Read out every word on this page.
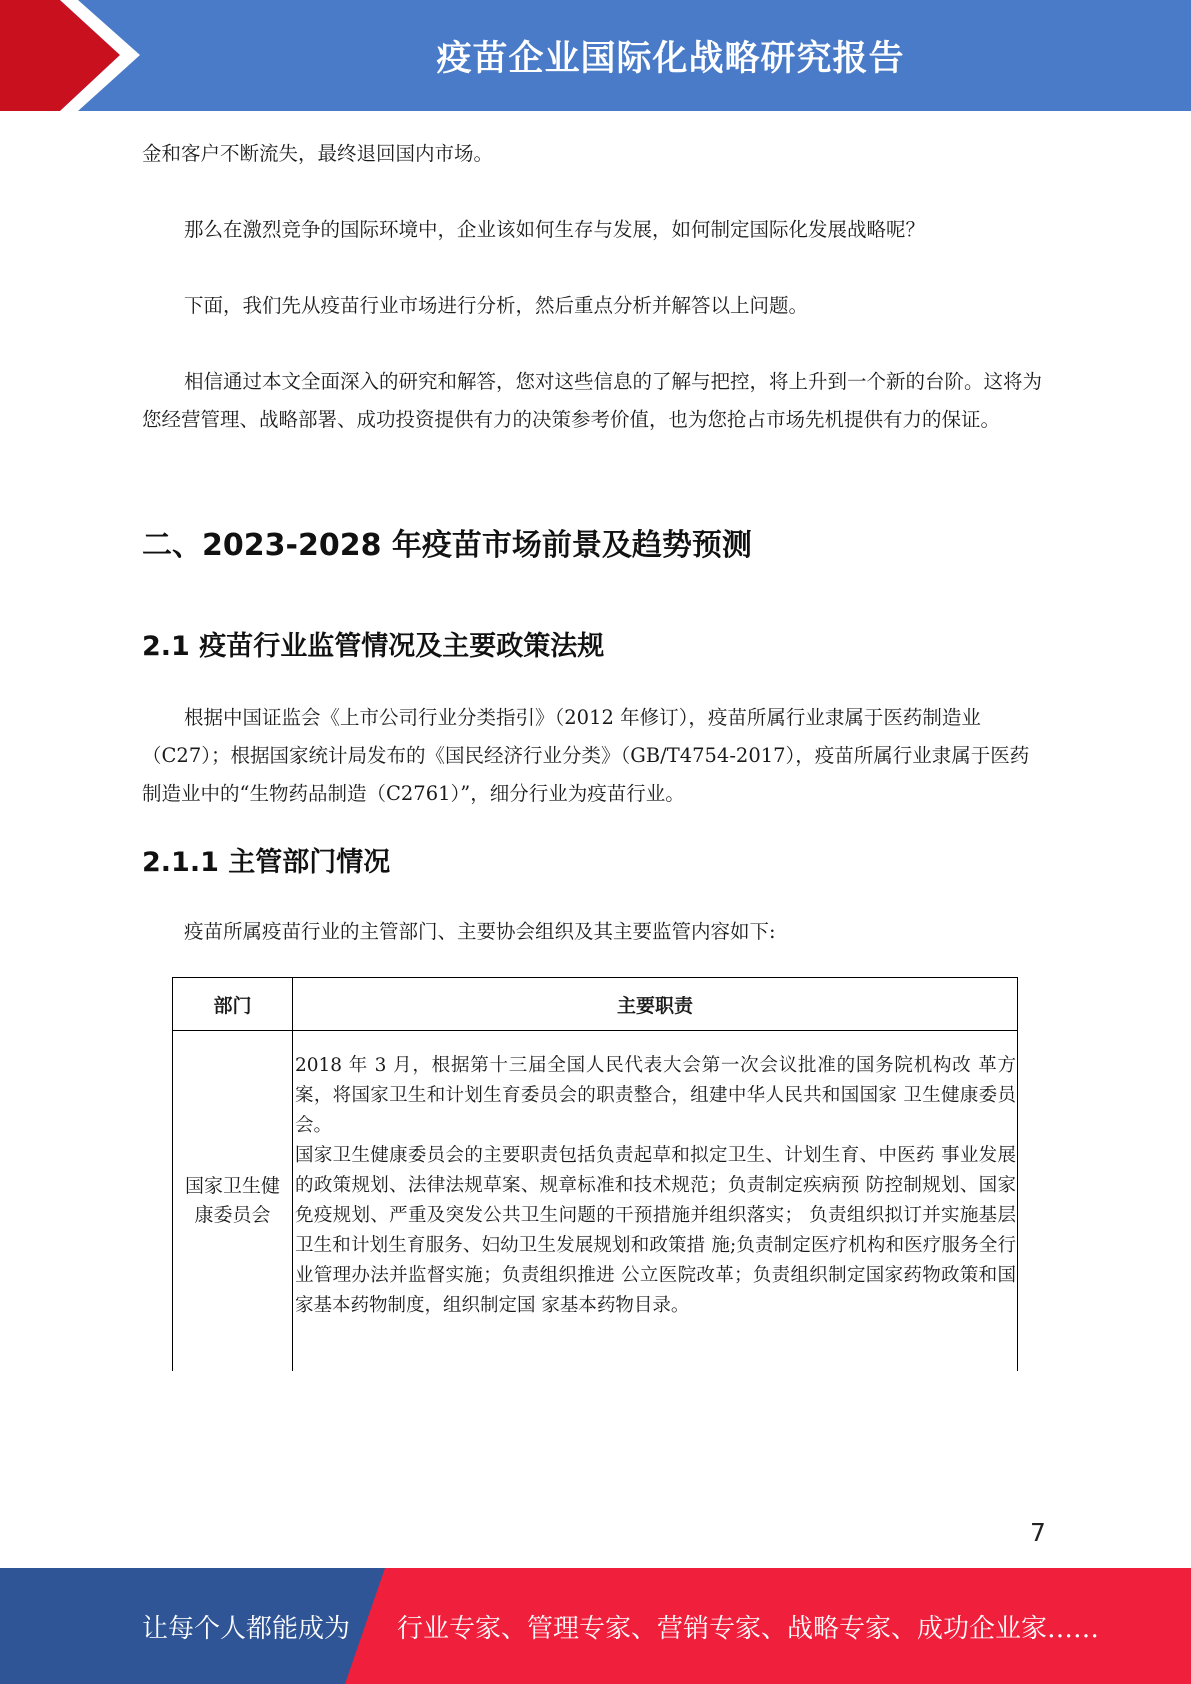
疫苗企业国际化战略研究报告

金和客户不断流失，最终退回国内市场。

那么在激烈竞争的国际环境中，企业该如何生存与发展，如何制定国际化发展战略呢？

下面，我们先从疫苗行业市场进行分析，然后重点分析并解答以上问题。

相信通过本文全面深入的研究和解答，您对这些信息的了解与把控，将上升到一个新的台阶。这将为您经营管理、战略部署、成功投资提供有力的决策参考价值，也为您抢占市场先机提供有力的保证。

二、2023-2028 年疫苗市场前景及趋势预测
2.1 疫苗行业监管情况及主要政策法规

根据中国证监会《上市公司行业分类指引》（2012 年修订），疫苗所属行业隶属于医药制造业（C27）；根据国家统计局发布的《国民经济行业分类》（GB/T4754-2017），疫苗所属行业隶属于医药制造业中的“生物药品制造（C2761）”，细分行业为疫苗行业。

2.1.1 主管部门情况

疫苗所属疫苗行业的主管部门、主要协会组织及其主要监管内容如下:

部门	主要职责
国家卫生健康委员会

2018 年 3 月，根据第十三届全国人民代表大会第一次会议批准的国务院机构改 革方案，将国家卫生和计划生育委员会的职责整合，组建中华人民共和国国家 卫生健康委员会。

国家卫生健康委员会的主要职责包括负责起草和拟定卫生、计划生育、中医药 事业发展的政策规划、法律法规草案、规章标准和技术规范；负责制定疾病预 防控制规划、国家免疫规划、严重及突发公共卫生问题的干预措施并组织落实； 负责组织拟订并实施基层卫生和计划生育服务、妇幼卫生发展规划和政策措 施;负责制定医疗机构和医疗服务全行业管理办法并监督实施；负责组织推进 公立医院改革；负责组织制定国家药物政策和国家基本药物制度，组织制定国 家基本药物目录。

7
让每个人都能成为 行业专家、管理专家、营销专家、战略专家、成功企业家……
